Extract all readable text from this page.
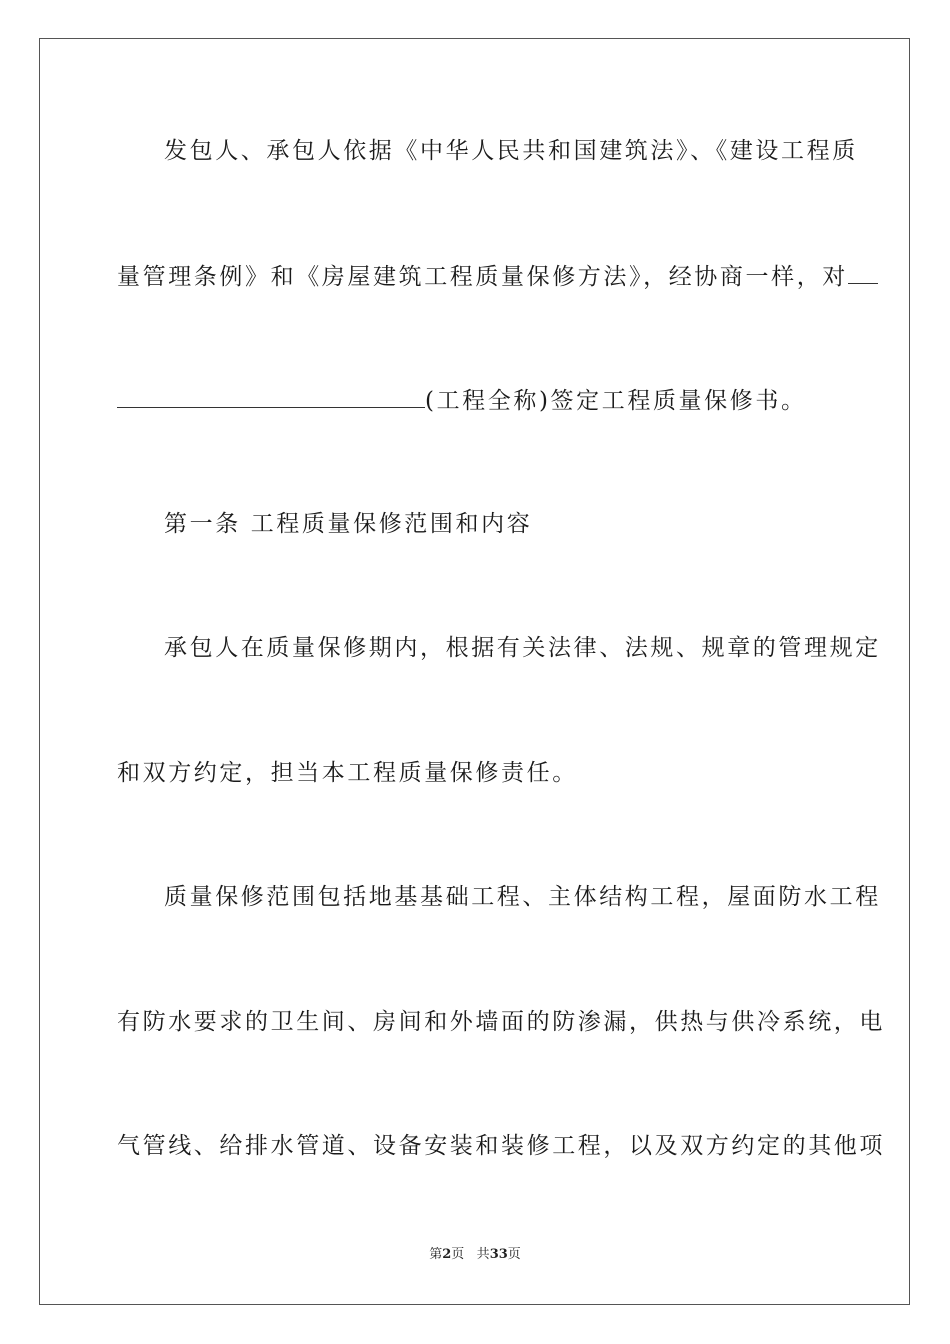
发包人、承包人依据《中华人民共和国建筑法》、《建设工程质
量管理条例》和《房屋建筑工程质量保修方法》，经协商一样，对
(工程全称)签定工程质量保修书。
第一条 工程质量保修范围和内容
承包人在质量保修期内，根据有关法律、法规、规章的管理规定
和双方约定，担当本工程质量保修责任。
质量保修范围包括地基基础工程、主体结构工程，屋面防水工程
有防水要求的卫生间、房间和外墙面的防渗漏，供热与供冷系统，电
气管线、给排水管道、设备安装和装修工程，以及双方约定的其他项
第2页 共33页
